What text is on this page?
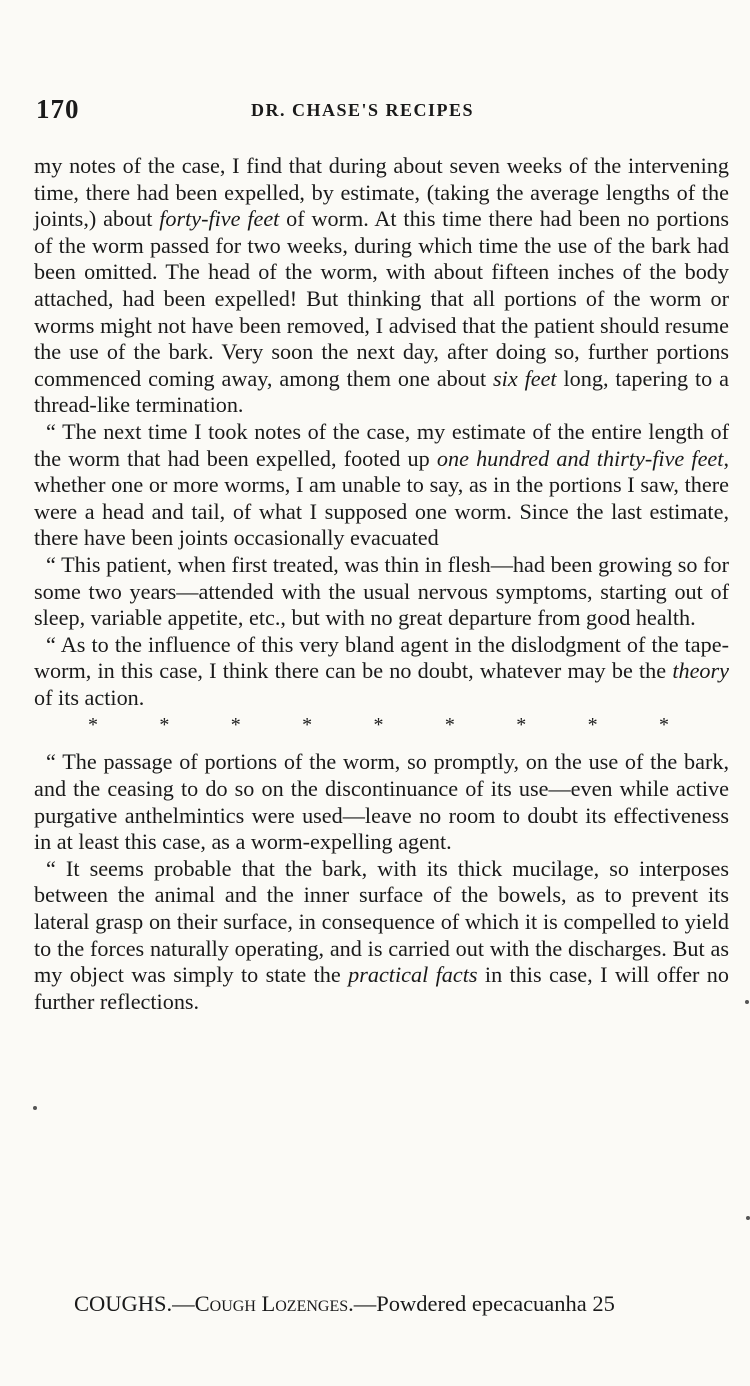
170	DR. CHASE'S RECIPES

my notes of the case, I find that during about seven weeks of the intervening time, there had been expelled, by estimate, (taking the average lengths of the joints,) about forty-five feet of worm. At this time there had been no portions of the worm passed for two weeks, during which time the use of the bark had been omitted. The head of the worm, with about fifteen inches of the body attached, had been expelled! But thinking that all portions of the worm or worms might not have been removed, I advised that the patient should resume the use of the bark. Very soon the next day, after doing so, further portions commenced coming away, among them one about six feet long, tapering to a thread-like termination.

“ The next time I took notes of the case, my estimate of the entire length of the worm that had been expelled, footed up one hundred and thirty-five feet, whether one or more worms, I am unable to say, as in the portions I saw, there were a head and tail, of what I supposed one worm. Since the last estimate, there have been joints occasionally evacuated

“ This patient, when first treated, was thin in flesh—had been growing so for some two years—attended with the usual nervous symptoms, starting out of sleep, variable appetite, etc., but with no great departure from good health.

“ As to the influence of this very bland agent in the dislodgment of the tape-worm, in this case, I think there can be no doubt, whatever may be the theory of its action.

*	*	*	*	*	*	*	*	*

“ The passage of portions of the worm, so promptly, on the use of the bark, and the ceasing to do so on the discontinuance of its use—even while active purgative anthelmintics were used—leave no room to doubt its effectiveness in at least this case, as a worm-expelling agent.

“ It seems probable that the bark, with its thick mucilage, so interposes between the animal and the inner surface of the bowels, as to prevent its lateral grasp on their surface, in consequence of which it is compelled to yield to the forces naturally operating, and is carried out with the discharges. But as my object was simply to state the practical facts in this case, I will offer no further reflections.

COUGHS.—Cough Lozenges.—Powdered epecacuanha 25
